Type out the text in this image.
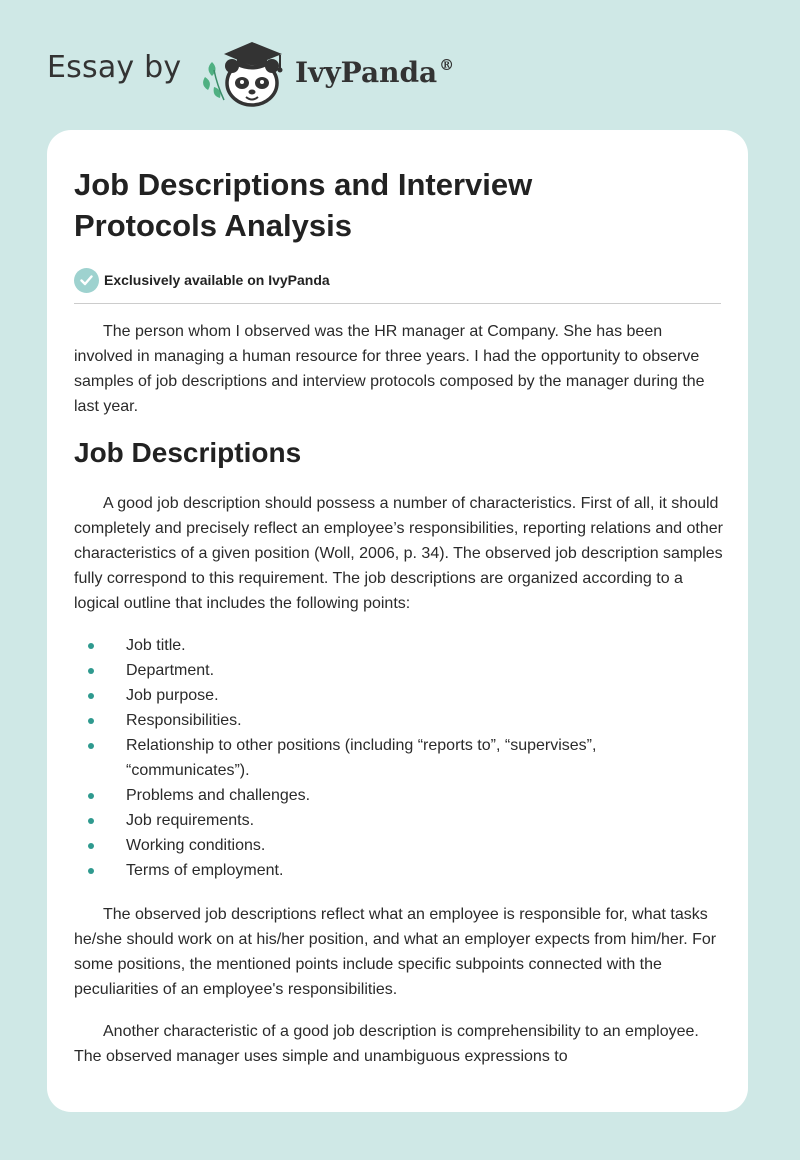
Essay by	IvyPanda ®
Job Descriptions and Interview Protocols Analysis
Exclusively available on IvyPanda

The person whom I observed was the HR manager at Company. She has been involved in managing a human resource for three years. I had the opportunity to observe samples of job descriptions and interview protocols composed by the manager during the last year.

Job Descriptions

A good job description should possess a number of characteristics. First of all, it should completely and precisely reflect an employee’s responsibilities, reporting relations and other characteristics of a given position (Woll, 2006, p. 34). The observed job description samples fully correspond to this requirement. The job descriptions are organized according to a logical outline that includes the following points:

Job title.
Department.
Job purpose.
Responsibilities.
Relationship to other positions (including “reports to”, “supervises”, “communicates”).
Problems and challenges.
Job requirements.
Working conditions.
Terms of employment.

The observed job descriptions reflect what an employee is responsible for, what tasks he/she should work on at his/her position, and what an employer expects from him/her. For some positions, the mentioned points include specific subpoints connected with the peculiarities of an employee's responsibilities.

Another characteristic of a good job description is comprehensibility to an employee. The observed manager uses simple and unambiguous expressions to
